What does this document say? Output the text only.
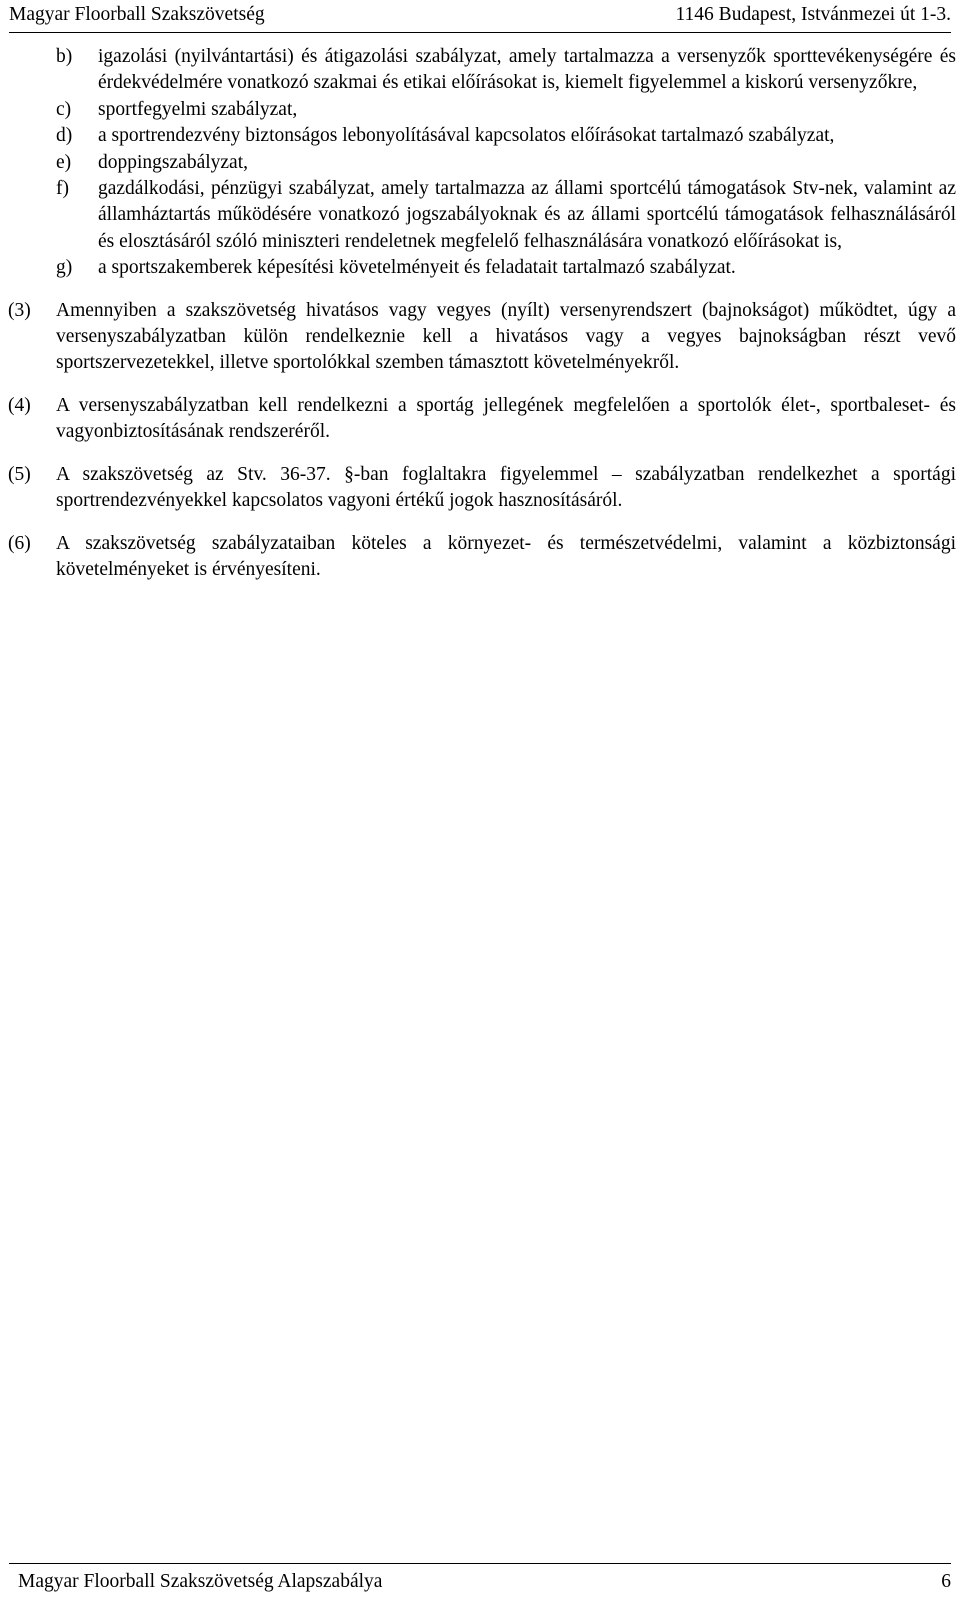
Magyar Floorball Szakszövetség	1146 Budapest, Istvánmezei út 1-3.
b) igazolási (nyilvántartási) és átigazolási szabályzat, amely tartalmazza a versenyzők sporttevékenységére és érdekvédelmére vonatkozó szakmai és etikai előírásokat is, kiemelt figyelemmel a kiskorú versenyzőkre,
c) sportfegyelmi szabályzat,
d) a sportrendezvény biztonságos lebonyolításával kapcsolatos előírásokat tartalmazó szabályzat,
e) doppingszabályzat,
f) gazdálkodási, pénzügyi szabályzat, amely tartalmazza az állami sportcélú támogatások Stv-nek, valamint az államháztartás működésére vonatkozó jogszabályoknak és az állami sportcélú támogatások felhasználásáról és elosztásáról szóló miniszteri rendeletnek megfelelő felhasználására vonatkozó előírásokat is,
g) a sportszakemberek képesítési követelményeit és feladatait tartalmazó szabályzat.
(3) Amennyiben a szakszövetség hivatásos vagy vegyes (nyílt) versenyrendszert (bajnokságot) működtet, úgy a versenyszabályzatban külön rendelkeznie kell a hivatásos vagy a vegyes bajnokságban részt vevő sportszervezetekkel, illetve sportolókkal szemben támasztott követelményekről.
(4) A versenyszabályzatban kell rendelkezni a sportág jellegének megfelelően a sportolók élet-, sportbaleset- és vagyonbiztosításának rendszeréről.
(5) A szakszövetség az Stv. 36-37. §-ban foglaltakra figyelemmel – szabályzatban rendelkezhet a sportági sportrendezvényekkel kapcsolatos vagyoni értékű jogok hasznosításáról.
(6) A szakszövetség szabályzataiban köteles a környezet- és természetvédelmi, valamint a közbiztonsági követelményeket is érvényesíteni.
Magyar Floorball Szakszövetség Alapszabálya	6
